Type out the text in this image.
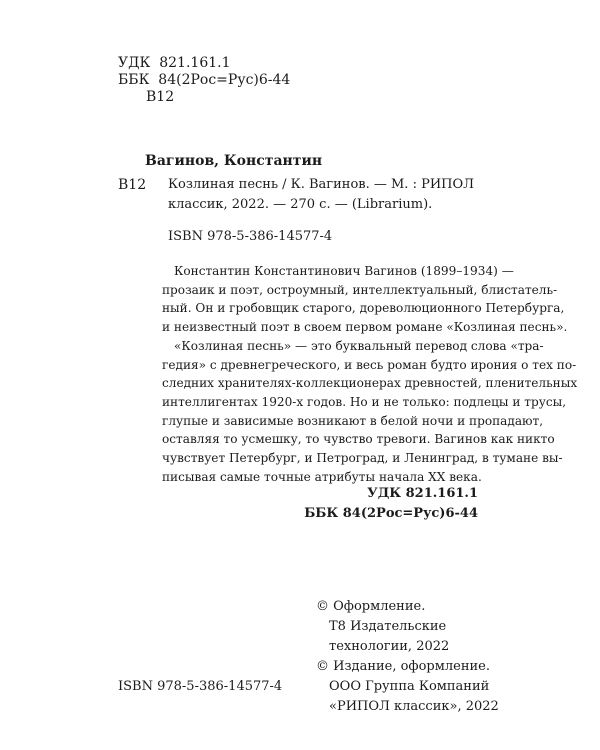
УДК  821.161.1
ББК  84(2Рос=Рус)6-44
В12
Вагинов, Константин
В12 Козлиная песнь / К. Вагинов. — М. : РИПОЛ
классик, 2022. — 270 с. — (Librarium).
ISBN 978-5-386-14577-4
Константин Константинович Вагинов (1899–1934) —
прозаик и поэт, остроумный, интеллектуальный, блистатель-
ный. Он и гробовщик старого, дореволюционного Петербурга,
и неизвестный поэт в своем первом романе «Козлиная песнь».
«Козлиная песнь» — это буквальный перевод слова «тра-
гедия» с древнегреческого, и весь роман будто ирония о тех по-
следних хранителях-коллекционерах древностей, пленительных
интеллигентах 1920-х годов. Но и не только: подлецы и трусы,
глупые и зависимые возникают в белой ночи и пропадают,
оставляя то усмешку, то чувство тревоги. Вагинов как никто
чувствует Петербург, и Петроград, и Ленинград, в тумане вы-
писывая самые точные атрибуты начала XX века.
УДК 821.161.1
ББК 84(2Рос=Рус)6-44
© Оформление.
Т8 Издательские
технологии, 2022
© Издание, оформление.
ООО Группа Компаний
«РИПОЛ классик», 2022
ISBN 978-5-386-14577-4
